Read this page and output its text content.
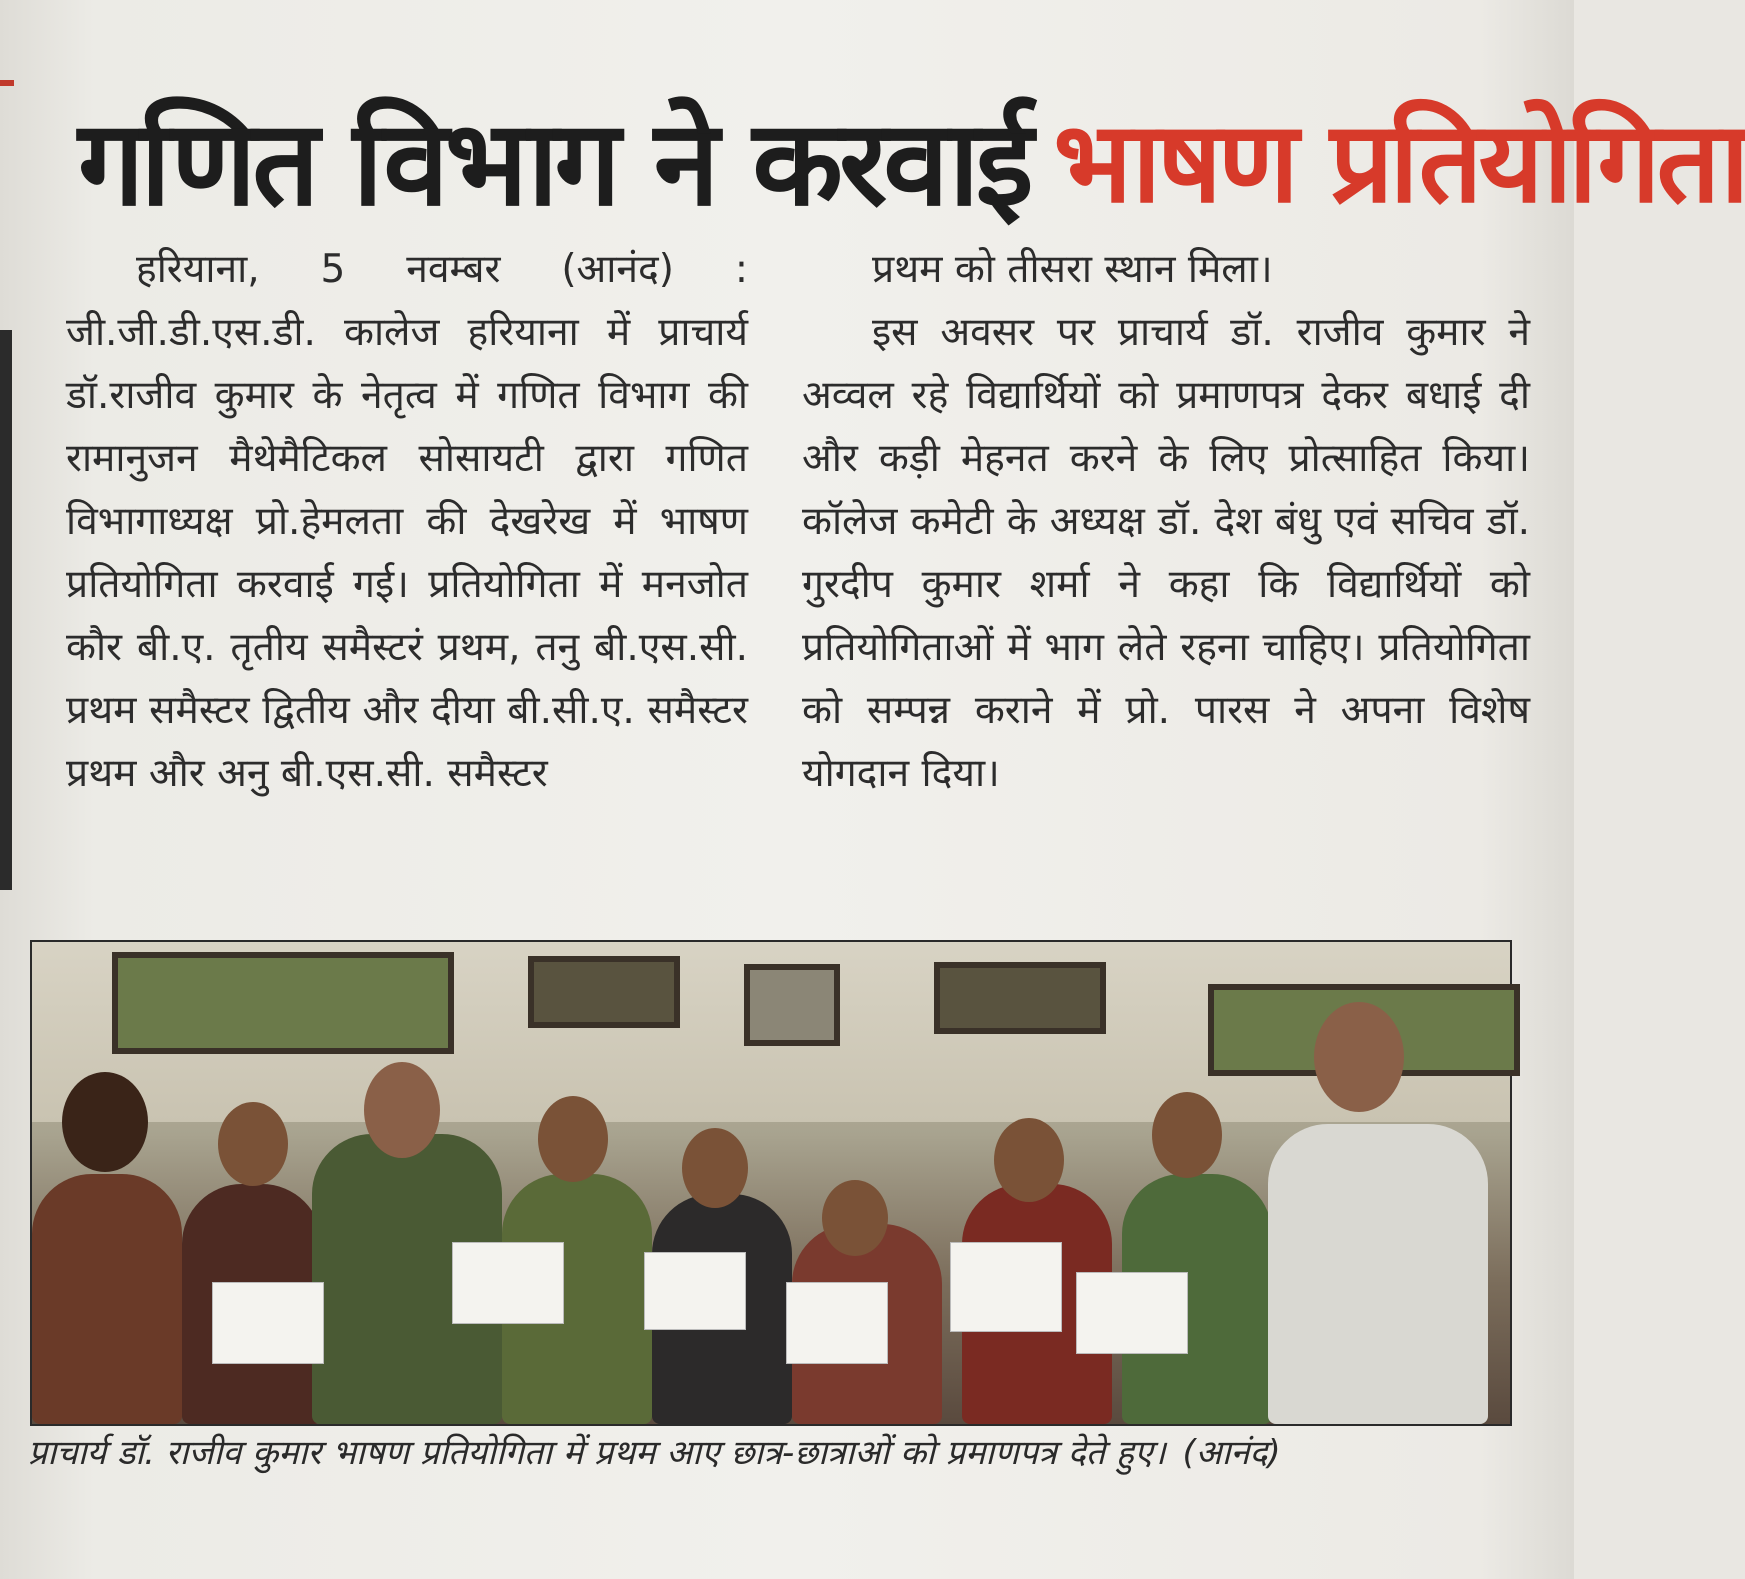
गणित विभाग ने करवाई भाषण प्रतियोगिता

हरियाना, 5 नवम्बर (आनंद) : जी.जी.डी.एस.डी. कालेज हरियाना में प्राचार्य डॉ.राजीव कुमार के नेतृत्व में गणित विभाग की रामानुजन मैथेमैटिकल सोसायटी द्वारा गणित विभागाध्यक्ष प्रो.हेमलता की देखरेख में भाषण प्रतियोगिता करवाई गई। प्रतियोगिता में मनजोत कौर बी.ए. तृतीय समैस्टरं प्रथम, तनु बी.एस.सी. प्रथम समैस्टर द्वितीय और दीया बी.सी.ए. समैस्टर प्रथम और अनु बी.एस.सी. समैस्टर

प्रथम को तीसरा स्थान मिला।

इस अवसर पर प्राचार्य डॉ. राजीव कुमार ने अव्वल रहे विद्यार्थियों को प्रमाणपत्र देकर बधाई दी और कड़ी मेहनत करने के लिए प्रोत्साहित किया। कॉलेज कमेटी के अध्यक्ष डॉ. देश बंधु एवं सचिव डॉ. गुरदीप कुमार शर्मा ने कहा कि विद्यार्थियों को प्रतियोगिताओं में भाग लेते रहना चाहिए। प्रतियोगिता को सम्पन्न कराने में प्रो. पारस ने अपना विशेष योगदान दिया।

प्राचार्य डॉ. राजीव कुमार भाषण प्रतियोगिता में प्रथम आए छात्र-छात्राओं को प्रमाणपत्र देते हुए। (आनंद)
